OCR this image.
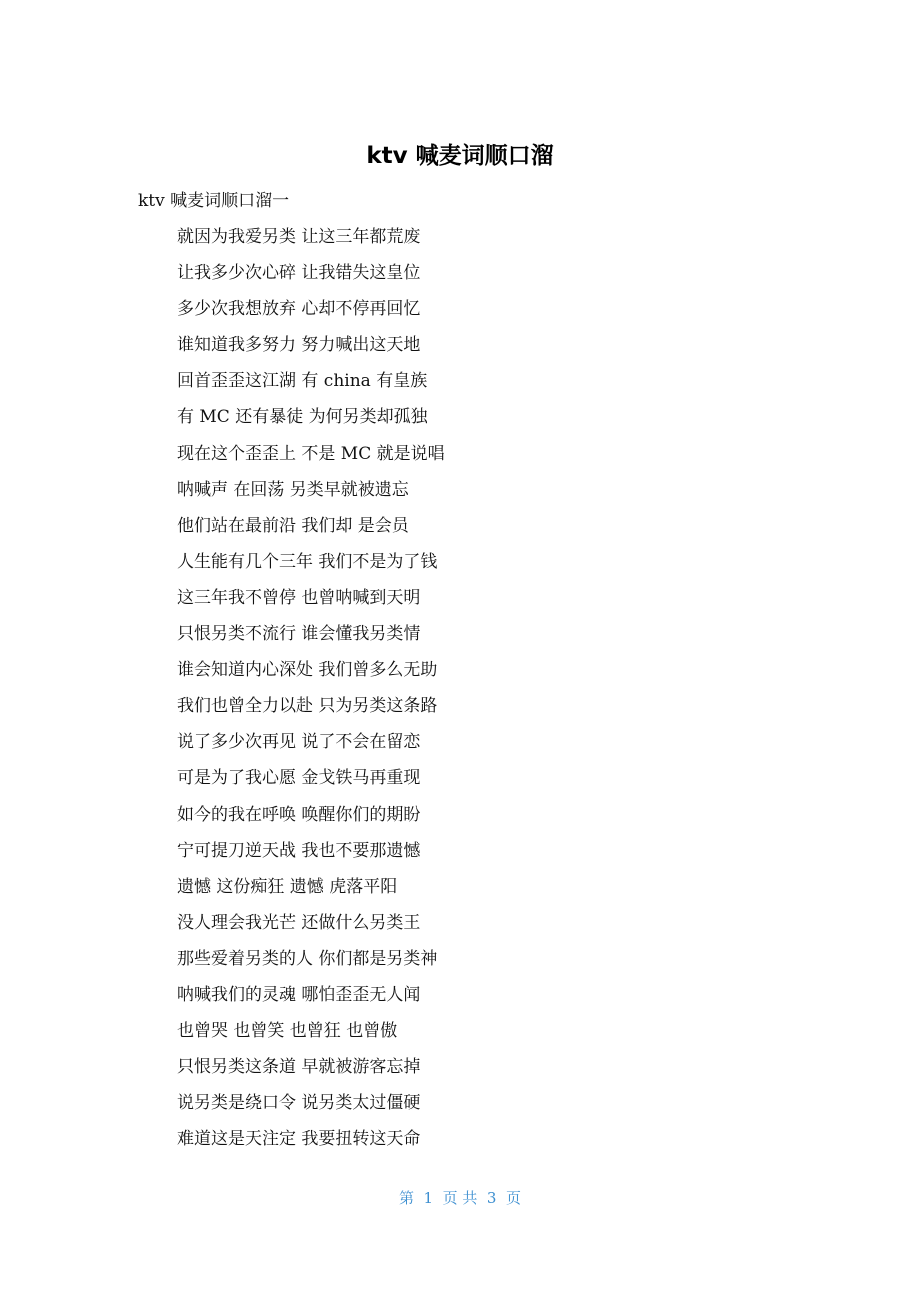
ktv 喊麦词顺口溜

ktv 喊麦词顺口溜一

就因为我爱另类 让这三年都荒废
让我多少次心碎 让我错失这皇位
多少次我想放弃 心却不停再回忆
谁知道我多努力 努力喊出这天地
回首歪歪这江湖 有 china 有皇族
有 MC 还有暴徒 为何另类却孤独
现在这个歪歪上 不是 MC 就是说唱
呐喊声 在回荡 另类早就被遗忘
他们站在最前沿 我们却 是会员
人生能有几个三年 我们不是为了钱
这三年我不曾停 也曾呐喊到天明
只恨另类不流行 谁会懂我另类情
谁会知道内心深处 我们曾多么无助
我们也曾全力以赴 只为另类这条路
说了多少次再见 说了不会在留恋
可是为了我心愿 金戈铁马再重现
如今的我在呼唤 唤醒你们的期盼
宁可提刀逆天战 我也不要那遗憾
遗憾 这份痴狂 遗憾 虎落平阳
没人理会我光芒 还做什么另类王
那些爱着另类的人 你们都是另类神
呐喊我们的灵魂 哪怕歪歪无人闻
也曾哭 也曾笑 也曾狂 也曾傲
只恨另类这条道 早就被游客忘掉
说另类是绕口令 说另类太过僵硬
难道这是天注定 我要扭转这天命
第  1  页 共  3  页
